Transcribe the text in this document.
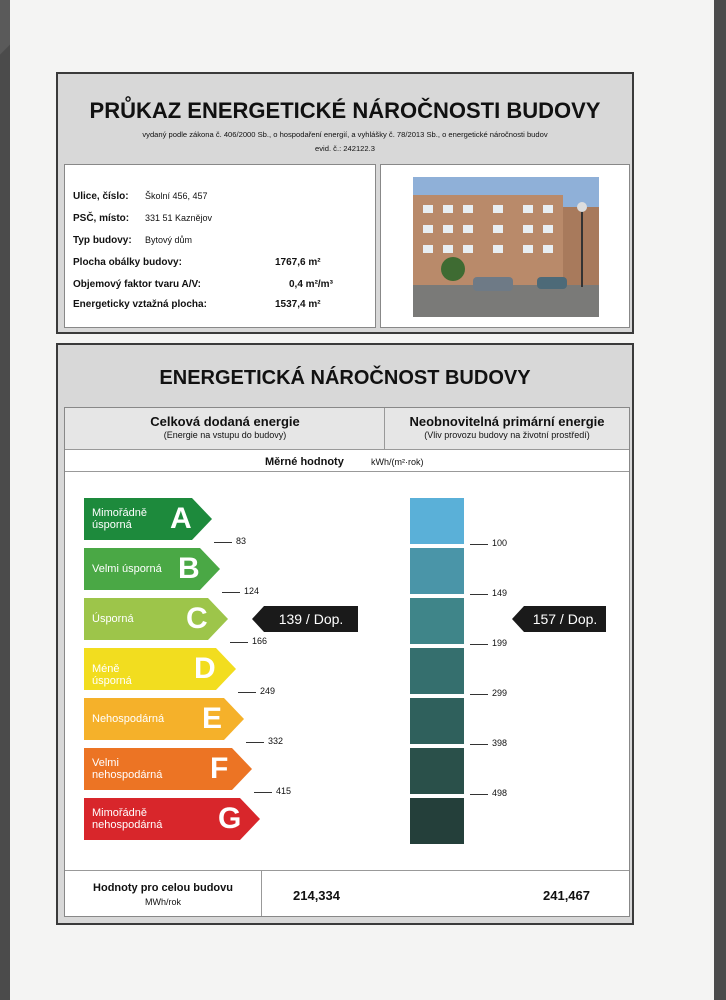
PRŮKAZ ENERGETICKÉ NÁROČNOSTI BUDOVY
vydaný podle zákona č. 406/2000 Sb., o hospodaření energií, a vyhlášky č. 78/2013 Sb., o energetické náročnosti budov
evid. č.: 242122.3
Ulice, číslo: Školní 456, 457
PSČ, místo: 331 51 Kaznějov
Typ budovy: Bytový dům
Plocha obálky budovy:	1767,6 m²
Objemový faktor tvaru A/V:	0,4 m²/m³
Energeticky vztažná plocha:	1537,4 m²
ENERGETICKÁ NÁROČNOST BUDOVY
Celková dodaná energie
(Energie na vstupu do budovy)
Neobnovitelná primární energie
(Vliv provozu budovy na životní prostředí)
Měrné hodnoty	kWh/(m²·rok)
Hodnoty pro celou budovu
MWh/rok	214,334	241,467
Mimořádně úsporná	A
83
Velmi úsporná B
124
Úsporná	C
166
Méně úsporná	D
249
Nehospodárná E
332
Velmi nehospodárná F
415
Mimořádně nehospodárná G
100
149
199
299
398
498
139 / Dop.	157 / Dop.
